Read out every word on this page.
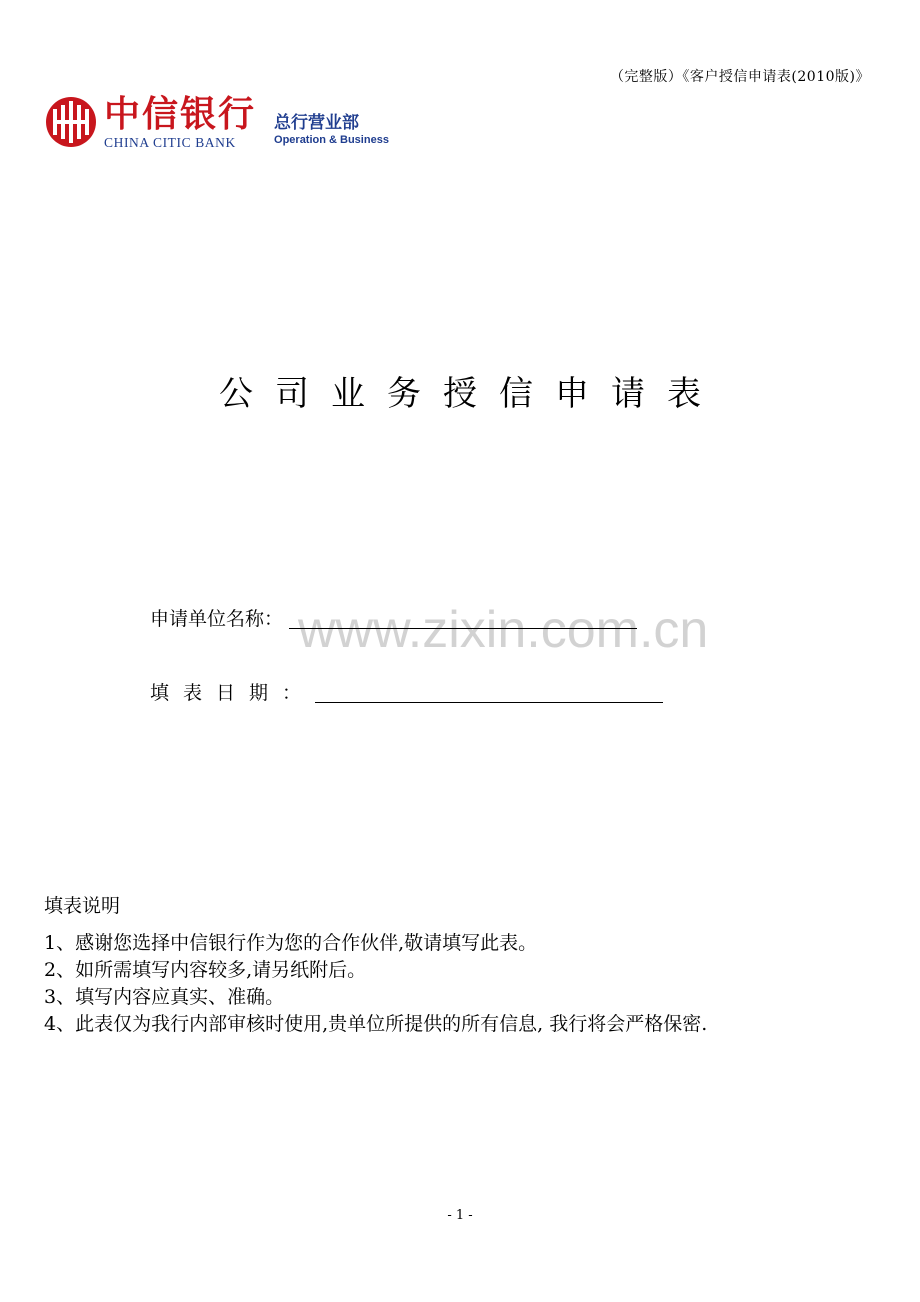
（完整版）《客户授信申请表(2010版)》
中信银行
CHINA CITIC BANK
总行营业部
Operation & Business
公司业务授信申请表
www.zixin.com.cn
申请单位名称：
填表日期：
填表说明
1、感谢您选择中信银行作为您的合作伙伴,敬请填写此表。
2、如所需填写内容较多,请另纸附后。
3、填写内容应真实、准确。
4、此表仅为我行内部审核时使用,贵单位所提供的所有信息, 我行将会严格保密.
- 1 -
